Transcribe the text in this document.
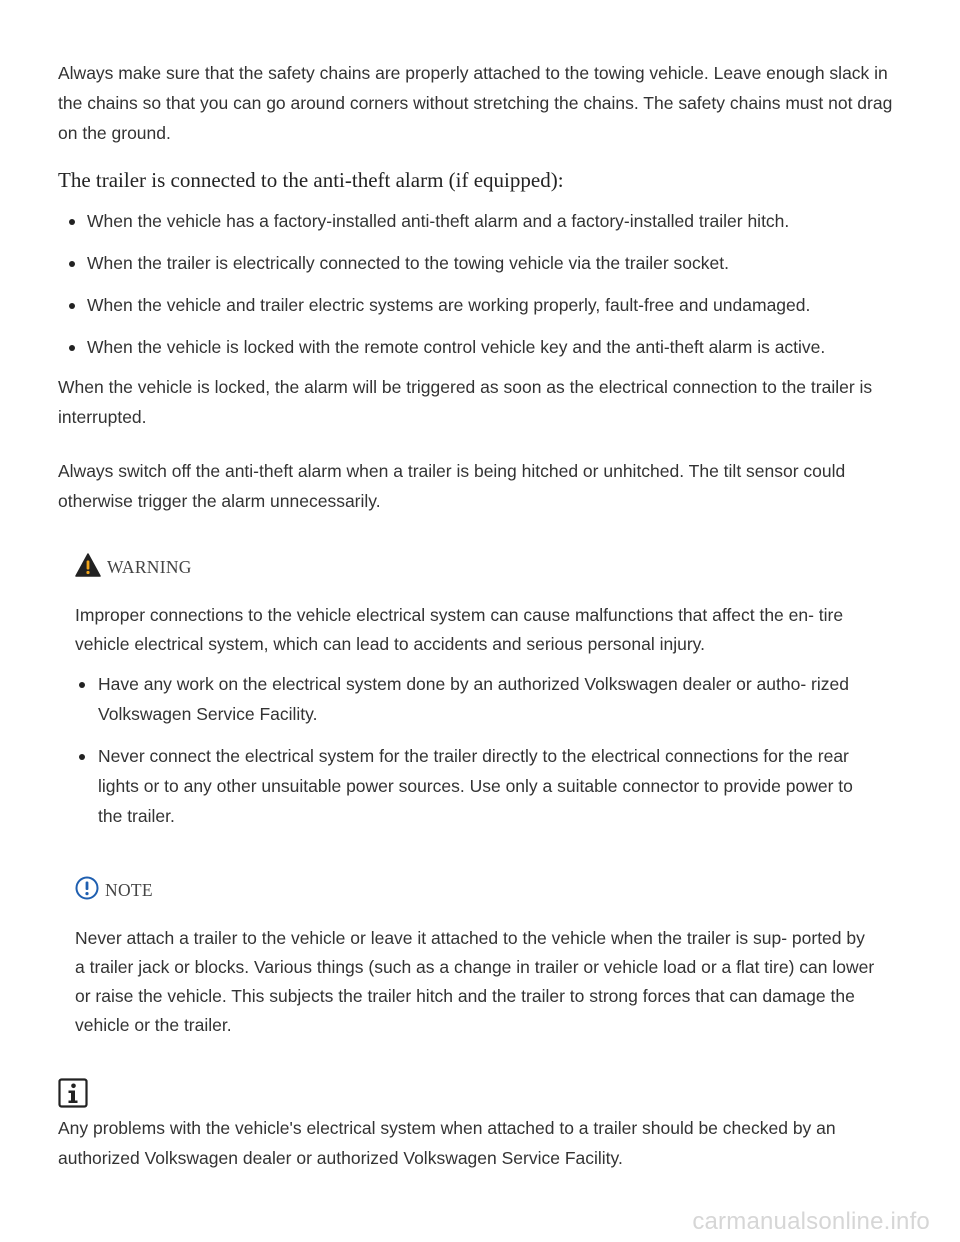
Always make sure that the safety chains are properly attached to the towing vehicle. Leave enough slack in the chains so that you can go around corners without stretching the chains. The safety chains must not drag on the ground.

The trailer is connected to the anti-theft alarm (if equipped):
When the vehicle has a factory-installed anti-theft alarm and a factory-installed trailer hitch.
When the trailer is electrically connected to the towing vehicle via the trailer socket.
When the vehicle and trailer electric systems are working properly, fault-free and undamaged.
When the vehicle is locked with the remote control vehicle key and the anti-theft alarm is active.

When the vehicle is locked, the alarm will be triggered as soon as the electrical connection to the trailer is interrupted.

Always switch off the anti-theft alarm when a trailer is being hitched or unhitched. The tilt sensor could otherwise trigger the alarm unnecessarily.

WARNING

Improper connections to the vehicle electrical system can cause malfunctions that affect the en- tire vehicle electrical system, which can lead to accidents and serious personal injury.

Have any work on the electrical system done by an authorized Volkswagen dealer or autho- rized Volkswagen Service Facility.
Never connect the electrical system for the trailer directly to the electrical connections for the rear lights or to any other unsuitable power sources. Use only a suitable connector to provide power to the trailer.
NOTE

Never attach a trailer to the vehicle or leave it attached to the vehicle when the trailer is sup- ported by a trailer jack or blocks. Various things (such as a change in trailer or vehicle load or a flat tire) can lower or raise the vehicle. This subjects the trailer hitch and the trailer to strong forces that can damage the vehicle or the trailer.

Any problems with the vehicle's electrical system when attached to a trailer should be checked by an authorized Volkswagen dealer or authorized Volkswagen Service Facility.

carmanualsonline.info
